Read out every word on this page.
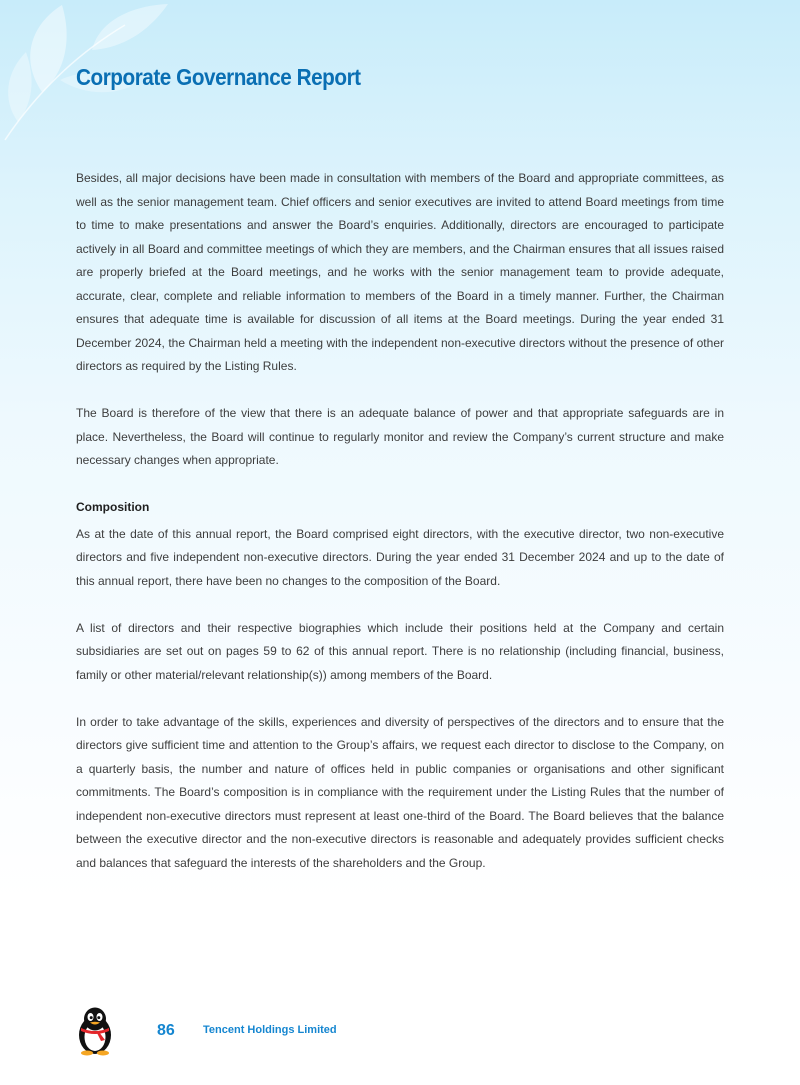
Corporate Governance Report

Besides, all major decisions have been made in consultation with members of the Board and appropriate committees, as well as the senior management team. Chief officers and senior executives are invited to attend Board meetings from time to time to make presentations and answer the Board’s enquiries. Additionally, directors are encouraged to participate actively in all Board and committee meetings of which they are members, and the Chairman ensures that all issues raised are properly briefed at the Board meetings, and he works with the senior management team to provide adequate, accurate, clear, complete and reliable information to members of the Board in a timely manner. Further, the Chairman ensures that adequate time is available for discussion of all items at the Board meetings. During the year ended 31 December 2024, the Chairman held a meeting with the independent non-executive directors without the presence of other directors as required by the Listing Rules.

The Board is therefore of the view that there is an adequate balance of power and that appropriate safeguards are in place. Nevertheless, the Board will continue to regularly monitor and review the Company’s current structure and make necessary changes when appropriate.

Composition

As at the date of this annual report, the Board comprised eight directors, with the executive director, two non-executive directors and five independent non-executive directors. During the year ended 31 December 2024 and up to the date of this annual report, there have been no changes to the composition of the Board.

A list of directors and their respective biographies which include their positions held at the Company and certain subsidiaries are set out on pages 59 to 62 of this annual report. There is no relationship (including financial, business, family or other material/relevant relationship(s)) among members of the Board.

In order to take advantage of the skills, experiences and diversity of perspectives of the directors and to ensure that the directors give sufficient time and attention to the Group’s affairs, we request each director to disclose to the Company, on a quarterly basis, the number and nature of offices held in public companies or organisations and other significant commitments. The Board’s composition is in compliance with the requirement under the Listing Rules that the number of independent non-executive directors must represent at least one-third of the Board. The Board believes that the balance between the executive director and the non-executive directors is reasonable and adequately provides sufficient checks and balances that safeguard the interests of the shareholders and the Group.

86	Tencent Holdings Limited
